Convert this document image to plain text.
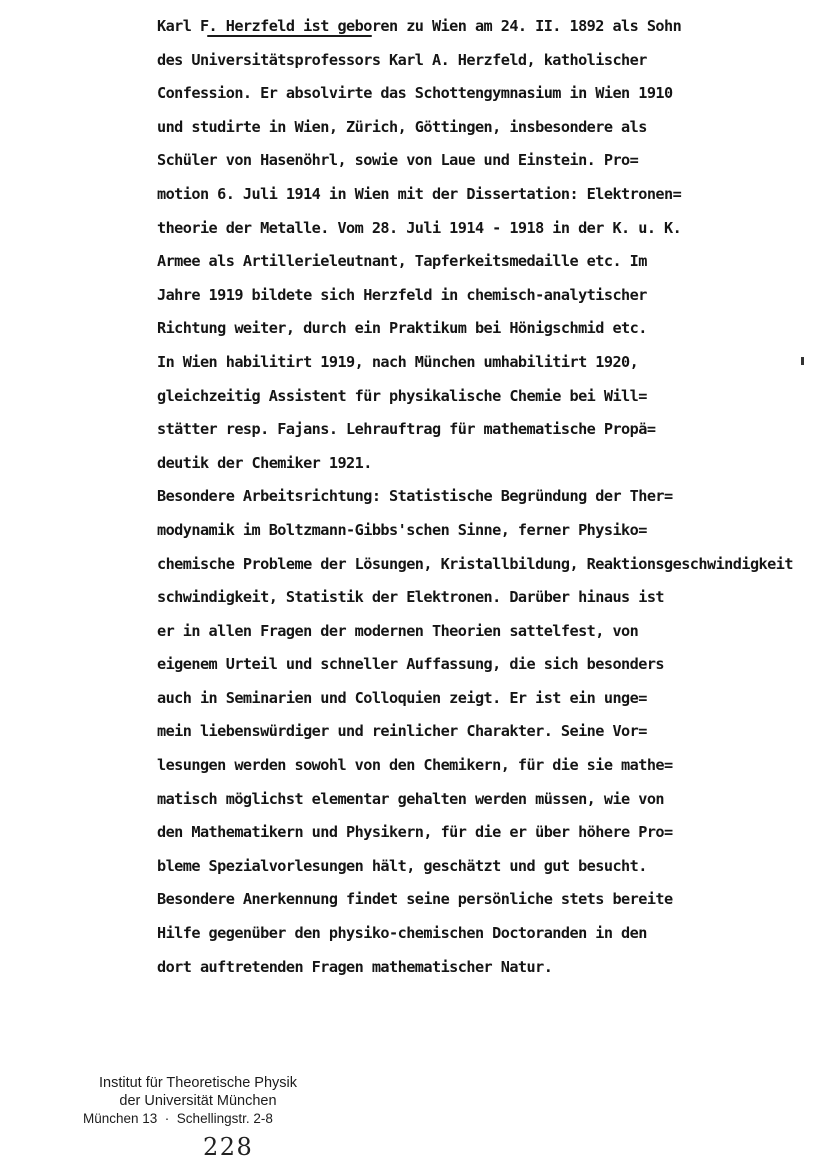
Karl F. Herzfeld ist geboren zu Wien am 24. II. 1892 als Sohn
des Universitätsprofessors Karl A. Herzfeld, katholischer
Confession. Er absolvirte das Schottengymnasium in Wien 1910
und studirte in Wien, Zürich, Göttingen, insbesondere als
Schüler von Hasenöhrl, sowie von Laue und Einstein. Pro=
motion 6. Juli 1914 in Wien mit der Dissertation: Elektronen=
theorie der Metalle. Vom 28. Juli 1914 - 1918 in der K. u. K.
Armee als Artillerieleutnant, Tapferkeitsmedaille etc. Im
Jahre 1919 bildete sich Herzfeld in chemisch-analytischer
Richtung weiter, durch ein Praktikum bei Hönigschmid etc.
In Wien habilitirt 1919, nach München umhabilitirt 1920,
gleichzeitig Assistent für physikalische Chemie bei Will=
stätter resp. Fajans. Lehrauftrag für mathematische Propä=
deutik der Chemiker 1921.
Besondere Arbeitsrichtung: Statistische Begründung der Ther=
modynamik im Boltzmann-Gibbs'schen Sinne, ferner Physiko=
chemische Probleme der Lösungen, Kristallbildung, Reaktionsgeschwindigkeit
schwindigkeit, Statistik der Elektronen. Darüber hinaus ist
er in allen Fragen der modernen Theorien sattelfest, von
eigenem Urteil und schneller Auffassung, die sich besonders
auch in Seminarien und Colloquien zeigt. Er ist ein unge=
mein liebenswürdiger und reinlicher Charakter. Seine Vor=
lesungen werden sowohl von den Chemikern, für die sie mathe=
matisch möglichst elementar gehalten werden müssen, wie von
den Mathematikern und Physikern, für die er über höhere Pro=
bleme Spezialvorlesungen hält, geschätzt und gut besucht.
Besondere Anerkennung findet seine persönliche stets bereite
Hilfe gegenüber den physiko-chemischen Doctoranden in den
dort auftretenden Fragen mathematischer Natur.
Institut für Theoretische Physik
der Universität München
München 13  ·  Schellingstr. 2-8
228
